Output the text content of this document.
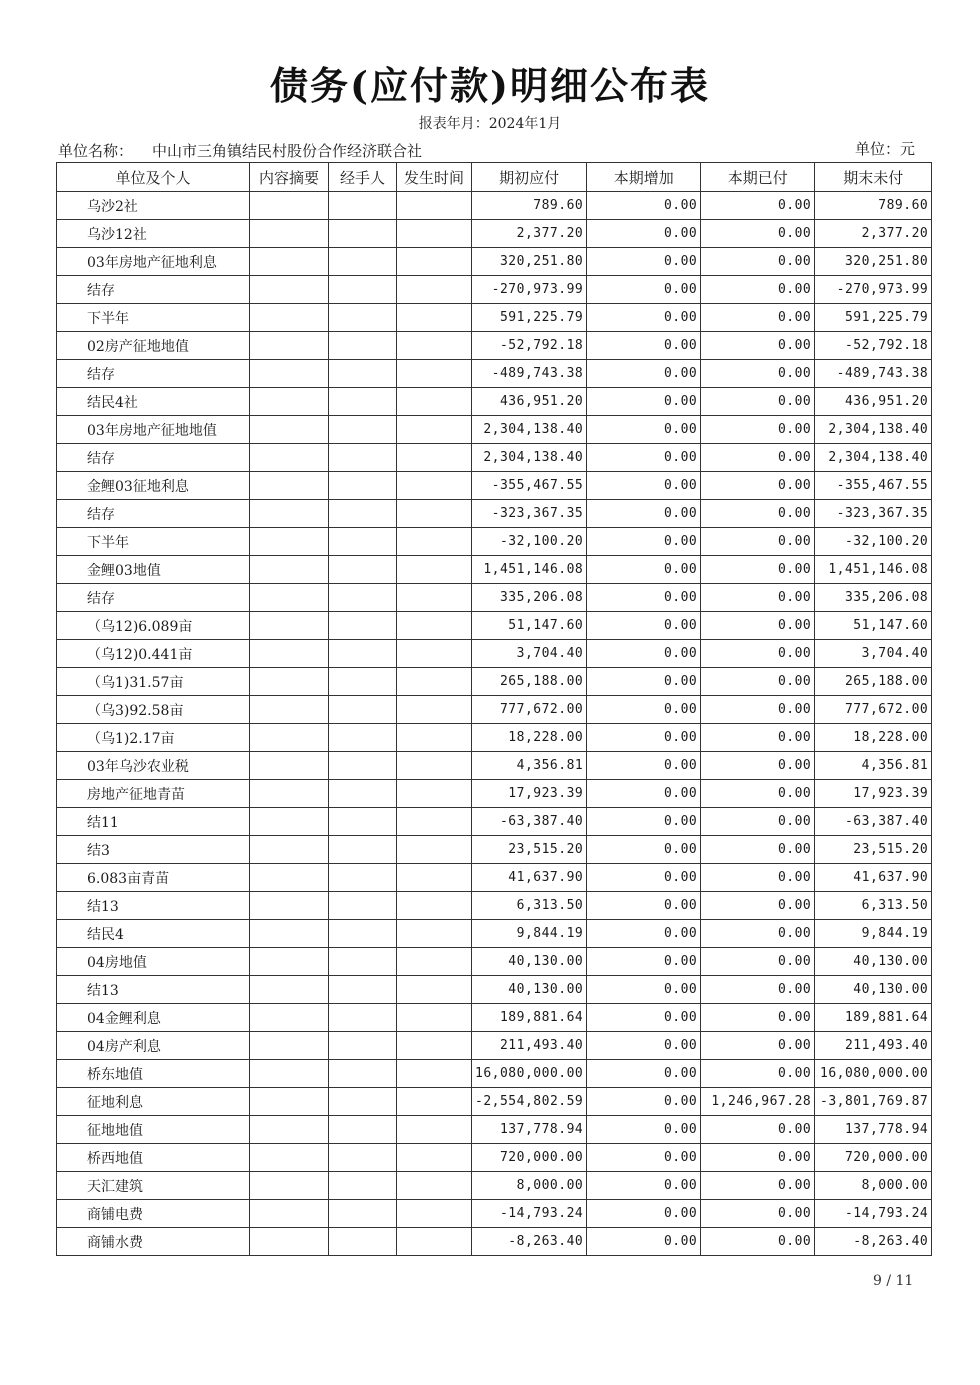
债务(应付款)明细公布表
报表年月：2024年1月
单位名称： 中山市三角镇结民村股份合作经济联合社	单位：元
单位及个人	内容摘要	经手人	发生时间	期初应付	本期增加	本期已付	期末未付
乌沙2社				789.60	0.00	0.00	789.60
乌沙12社				2,377.20	0.00	0.00	2,377.20
03年房地产征地利息				320,251.80	0.00	0.00	320,251.80
结存				-270,973.99	0.00	0.00	-270,973.99
下半年				591,225.79	0.00	0.00	591,225.79
02房产征地地值				-52,792.18	0.00	0.00	-52,792.18
结存				-489,743.38	0.00	0.00	-489,743.38
结民4社				436,951.20	0.00	0.00	436,951.20
03年房地产征地地值				2,304,138.40	0.00	0.00	2,304,138.40
结存				2,304,138.40	0.00	0.00	2,304,138.40
金鲤03征地利息				-355,467.55	0.00	0.00	-355,467.55
结存				-323,367.35	0.00	0.00	-323,367.35
下半年				-32,100.20	0.00	0.00	-32,100.20
金鲤03地值				1,451,146.08	0.00	0.00	1,451,146.08
结存				335,206.08	0.00	0.00	335,206.08
（乌12)6.089亩				51,147.60	0.00	0.00	51,147.60
（乌12)0.441亩				3,704.40	0.00	0.00	3,704.40
（乌1)31.57亩				265,188.00	0.00	0.00	265,188.00
（乌3)92.58亩				777,672.00	0.00	0.00	777,672.00
（乌1)2.17亩				18,228.00	0.00	0.00	18,228.00
03年乌沙农业税				4,356.81	0.00	0.00	4,356.81
房地产征地青苗				17,923.39	0.00	0.00	17,923.39
结11				-63,387.40	0.00	0.00	-63,387.40
结3				23,515.20	0.00	0.00	23,515.20
6.083亩青苗				41,637.90	0.00	0.00	41,637.90
结13				6,313.50	0.00	0.00	6,313.50
结民4				9,844.19	0.00	0.00	9,844.19
04房地值				40,130.00	0.00	0.00	40,130.00
结13				40,130.00	0.00	0.00	40,130.00
04金鲤利息				189,881.64	0.00	0.00	189,881.64
04房产利息				211,493.40	0.00	0.00	211,493.40
桥东地值				16,080,000.00	0.00	0.00	16,080,000.00
征地利息				-2,554,802.59	0.00	1,246,967.28	-3,801,769.87
征地地值				137,778.94	0.00	0.00	137,778.94
桥西地值				720,000.00	0.00	0.00	720,000.00
天汇建筑				8,000.00	0.00	0.00	8,000.00
商铺电费				-14,793.24	0.00	0.00	-14,793.24
商铺水费				-8,263.40	0.00	0.00	-8,263.40
9 / 11
